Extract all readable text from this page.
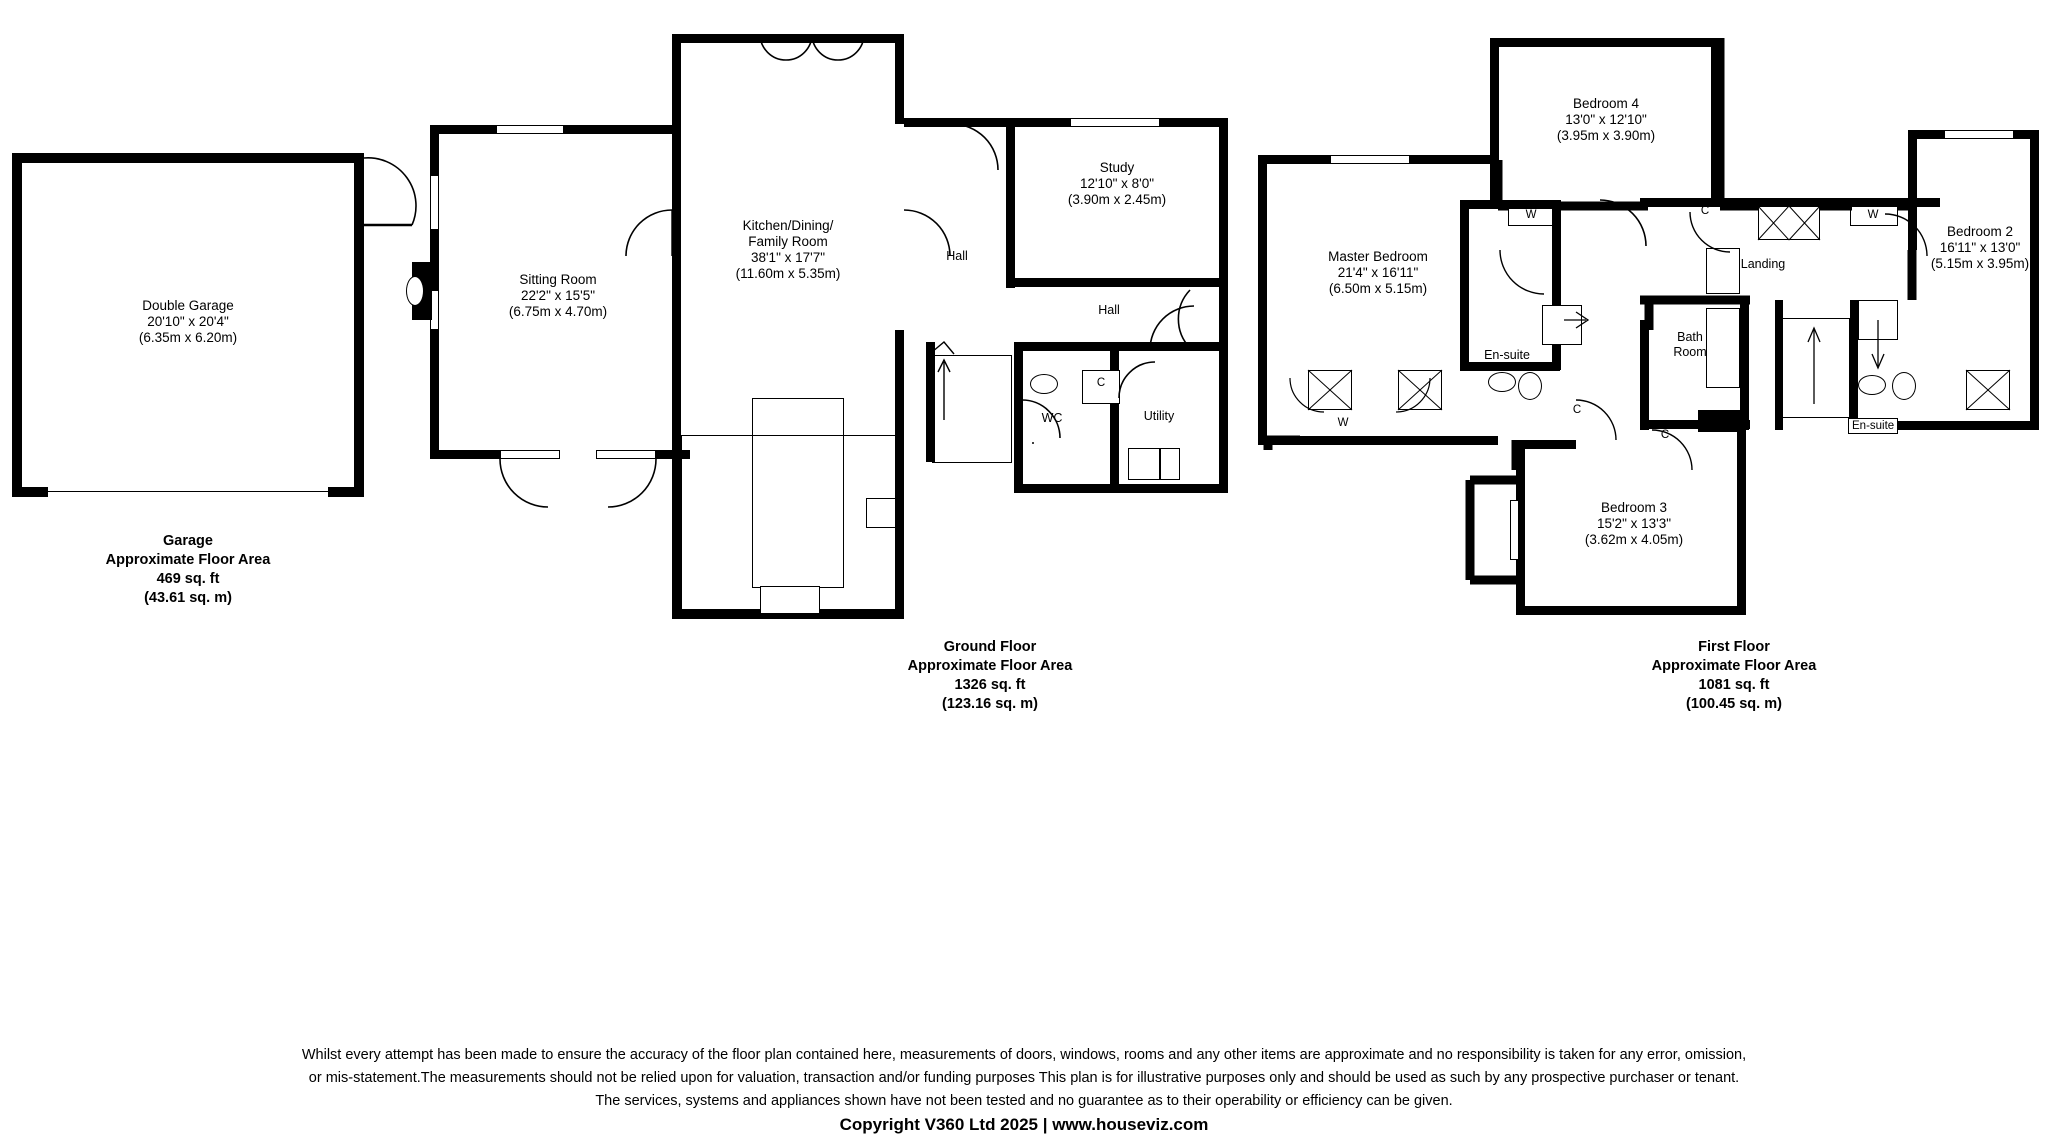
Double Garage
20'10" x 20'4"
(6.35m x 6.20m)
Garage
Approximate Floor Area
469 sq. ft
(43.61 sq. m)
Sitting Room
22'2" x 15'5"
(6.75m x 4.70m)
Kitchen/Dining/
Family Room
38'1" x 17'7"
(11.60m x 5.35m)
Study
12'10" x 8'0"
(3.90m x 2.45m)
Hall
Hall
WC	Utility
C
Ground Floor
Approximate Floor Area
1326 sq. ft
(123.16 sq. m)
Bedroom 4
13'0" x 12'10"
(3.95m x 3.90m)
Master Bedroom
21'4" x 16'11"
(6.50m x 5.15m)
Bedroom 2
16'11" x 13'0"
(5.15m x 3.95m)
Bedroom 3
15'2" x 13'3"
(3.62m x 4.05m)
En-suite
Bath
Room
Landing
En-suite
W
W	W
C
C
C
First Floor
Approximate Floor Area
1081 sq. ft
(100.45 sq. m)
Whilst every attempt has been made to ensure the accuracy of the floor plan contained here, measurements of doors, windows, rooms and any other items are approximate and no responsibility is taken for any error, omission,
or mis-statement.The measurements should not be relied upon for valuation, transaction and/or funding purposes This plan is for illustrative purposes only and should be used as such by any prospective purchaser or tenant.
The services, systems and appliances shown have not been tested and no guarantee as to their operability or efficiency can be given.
Copyright V360 Ltd 2025 | www.houseviz.com
